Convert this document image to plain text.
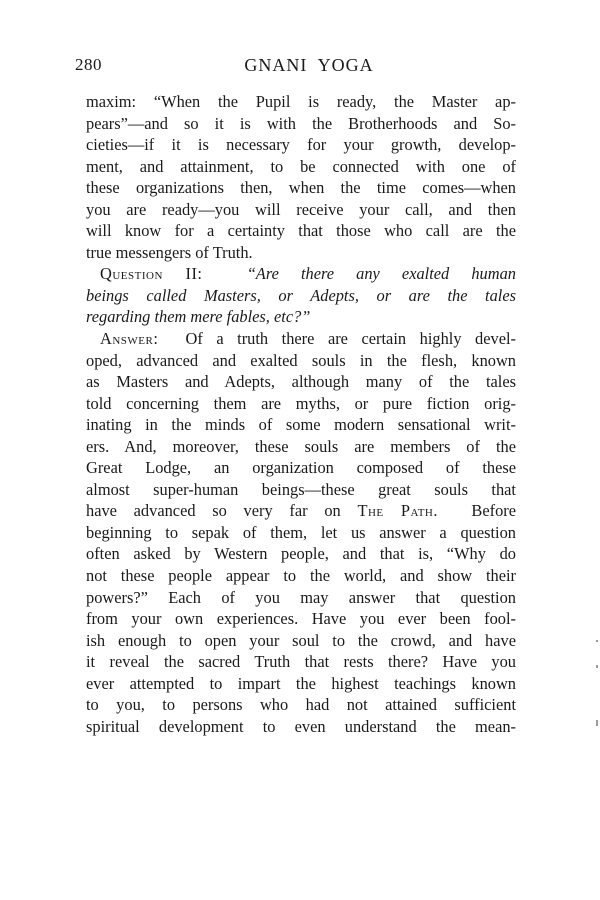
280	GNANI  YOGA
maxim: “When the Pupil is ready, the Master ap-
pears”—and so it is with the Brotherhoods and So-
cieties—if it is necessary for your growth, develop-
ment, and attainment, to be connected with one of
these organizations then, when the time comes—when
you are ready—you will receive your call, and then
will know for a certainty that those who call are the
true messengers of Truth.
Question II:	“Are there any exalted human
beings called Masters, or Adepts, or are the tales
regarding them mere fables, etc?”
Answer: Of a truth there are certain highly devel-
oped, advanced and exalted souls in the flesh, known
as Masters and Adepts, although many of the tales
told concerning them are myths, or pure fiction orig-
inating in the minds of some modern sensational writ-
ers. And, moreover, these souls are members of the
Great Lodge, an organization composed of these
almost super-human beings—these great souls that
have advanced so very far on The Path. Before
beginning to sepak of them, let us answer a question
often asked by Western people, and that is, “Why do
not these people appear to the world, and show their
powers?” Each of you may answer that question
from your own experiences. Have you ever been fool-
ish enough to open your soul to the crowd, and have
it reveal the sacred Truth that rests there? Have you
ever attempted to impart the highest teachings known
to you, to persons who had not attained sufficient
spiritual development to even understand the mean-
